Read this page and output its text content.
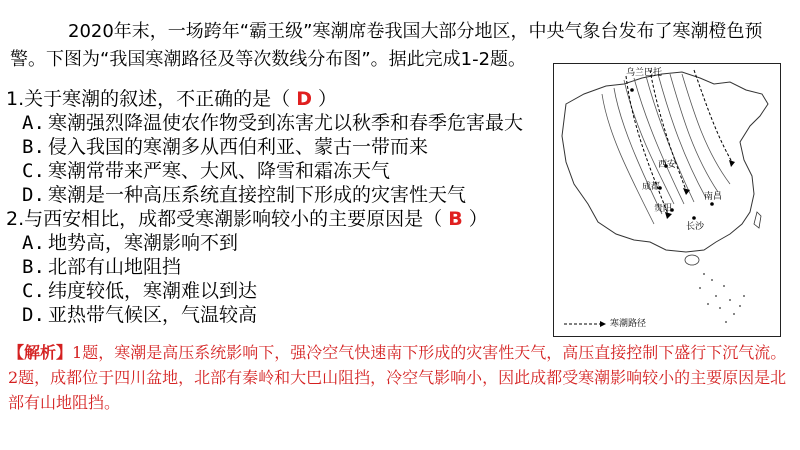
2020年末，一场跨年“霸王级”寒潮席卷我国大部分地区，中央气象台发布了寒潮橙色预警。下图为“我国寒潮路径及等次数线分布图”。据此完成1-2题。

1.关于寒潮的叙述，不正确的是（ D ）
A. 寒潮强烈降温使农作物受到冻害尤以秋季和春季危害最大
B. 侵入我国的寒潮多从西伯利亚、蒙古一带而来
C. 寒潮常带来严寒、大风、降雪和霜冻天气
D. 寒潮是一种高压系统直接控制下形成的灾害性天气
2.与西安相比，成都受寒潮影响较小的主要原因是（ B ）
A. 地势高，寒潮影响不到
B. 北部有山地阻挡
C. 纬度较低，寒潮难以到达
D. 亚热带气候区，气温较高
乌兰巴托
西安
成都
贵阳
南昌
长沙
寒潮路径

【解析】1题，寒潮是高压系统影响下，强冷空气快速南下形成的灾害性天气，高压直接控制下盛行下沉气流。

2题，成都位于四川盆地，北部有秦岭和大巴山阻挡，冷空气影响小，因此成都受寒潮影响较小的主要原因是北部有山地阻挡。
